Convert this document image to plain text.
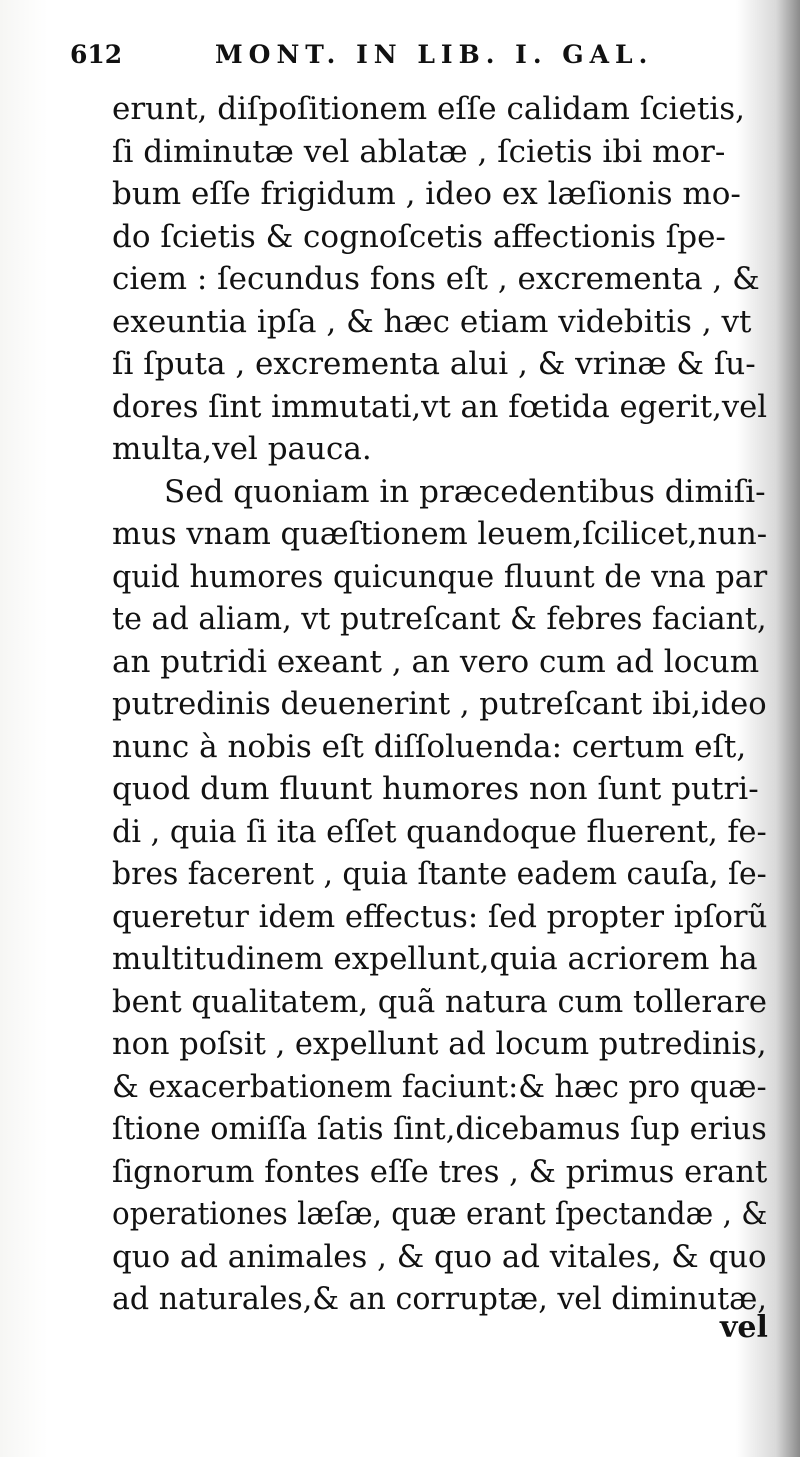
612

	MONT. IN LIB. I. GAL.

erunt, diſpoſitionem eſſe calidam ſcietis,
ſi diminutæ vel ablatæ , ſcietis ibi mor-
bum eſſe frigidum , ideo ex læſionis mo-
do ſcietis & cognoſcetis affectionis ſpe-
ciem : ſecundus fons eſt , excrementa , &
exeuntia ipſa , & hæc etiam videbitis , vt
ſi ſputa , excrementa alui , & vrinæ & ſu-
dores ſint immutati,vt an fœtida egerit,vel
multa,vel pauca.
Sed quoniam in præcedentibus dimiſi-
mus vnam quæſtionem leuem,ſcilicet,nun-
quid humores quicunque fluunt de vna par
te ad aliam, vt putreſcant & febres faciant,
an putridi exeant , an vero cum ad locum
putredinis deuenerint , putreſcant ibi,ideo
nunc à nobis eſt diſſoluenda: certum eſt,
quod dum fluunt humores non ſunt putri-
di , quia ſi ita eſſet quandoque fluerent, fe-
bres facerent , quia ſtante eadem cauſa, ſe-
queretur idem effectus: ſed propter ipſorũ
multitudinem expellunt,quia acriorem ha
bent qualitatem, quã natura cum tollerare
non poſsit , expellunt ad locum putredinis,
& exacerbationem faciunt:& hæc pro quæ-
ſtione omiſſa ſatis ſint,dicebamus ſup erius
ſignorum fontes eſſe tres , & primus erant
operationes læſæ, quæ erant ſpectandæ , &
quo ad animales , & quo ad vitales, & quo
ad naturales,& an corruptæ, vel diminutæ,
vel
